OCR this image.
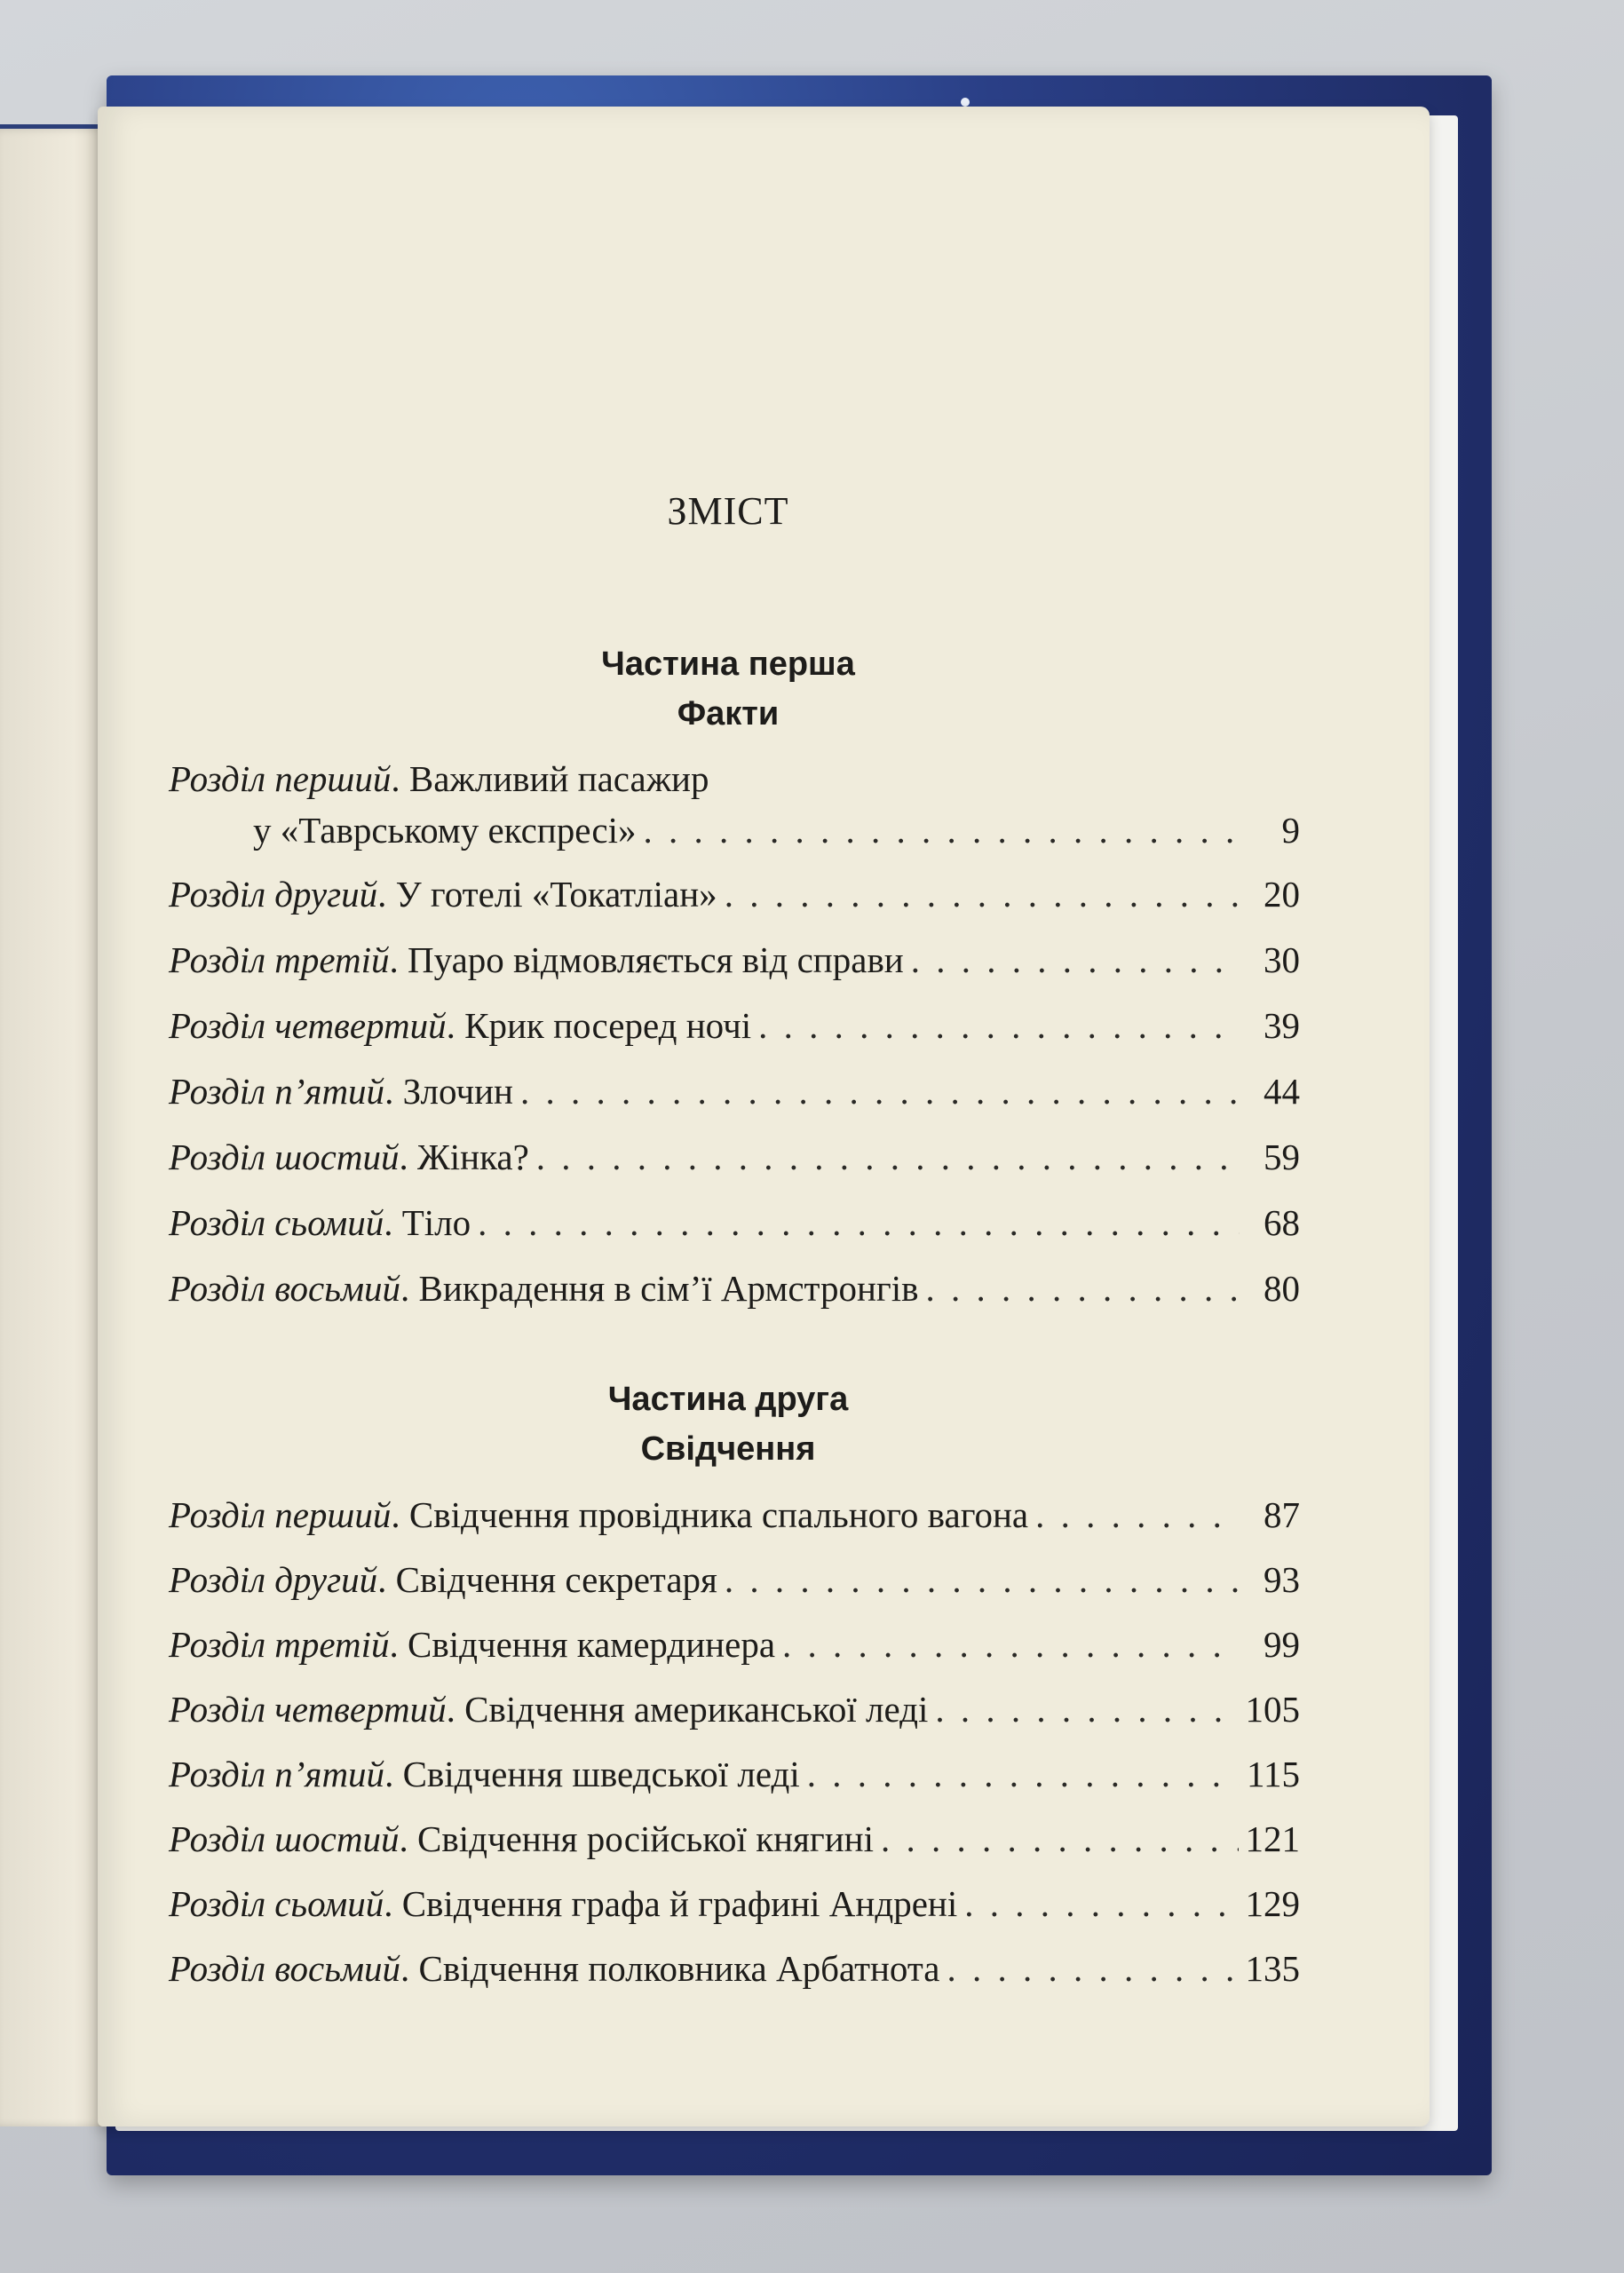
ЗМІСТ
Частина перша
Факти
Розділ перший. Важливий пасажир
у «Таврському експресі» . . .	9
Розділ другий . У готелі «Токатліан» . . .	20
Розділ третій . Пуаро відмовляється від справи . . .	30
Розділ четвертий . Крик посеред ночі . . .	39
Розділ п’ятий . Злочин . . .	44
Розділ шостий . Жінка? . . .	59
Розділ сьомий . Тіло . . .	68
Розділ восьмий . Викрадення в сім’ї Армстронгів . . .	80
Частина друга
Свідчення
Розділ перший . Свідчення провідника спального вагона . . .	87
Розділ другий . Свідчення секретаря . . .	93
Розділ третій . Свідчення камердинера . . .	99
Розділ четвертий . Свідчення американської леді . . .	105
Розділ п’ятий . Свідчення шведської леді . . .	115
Розділ шостий . Свідчення російської княгині . . .	121
Розділ сьомий . Свідчення графа й графині Андрені . . .	129
Розділ восьмий . Свідчення полковника Арбатнота . . .	135
